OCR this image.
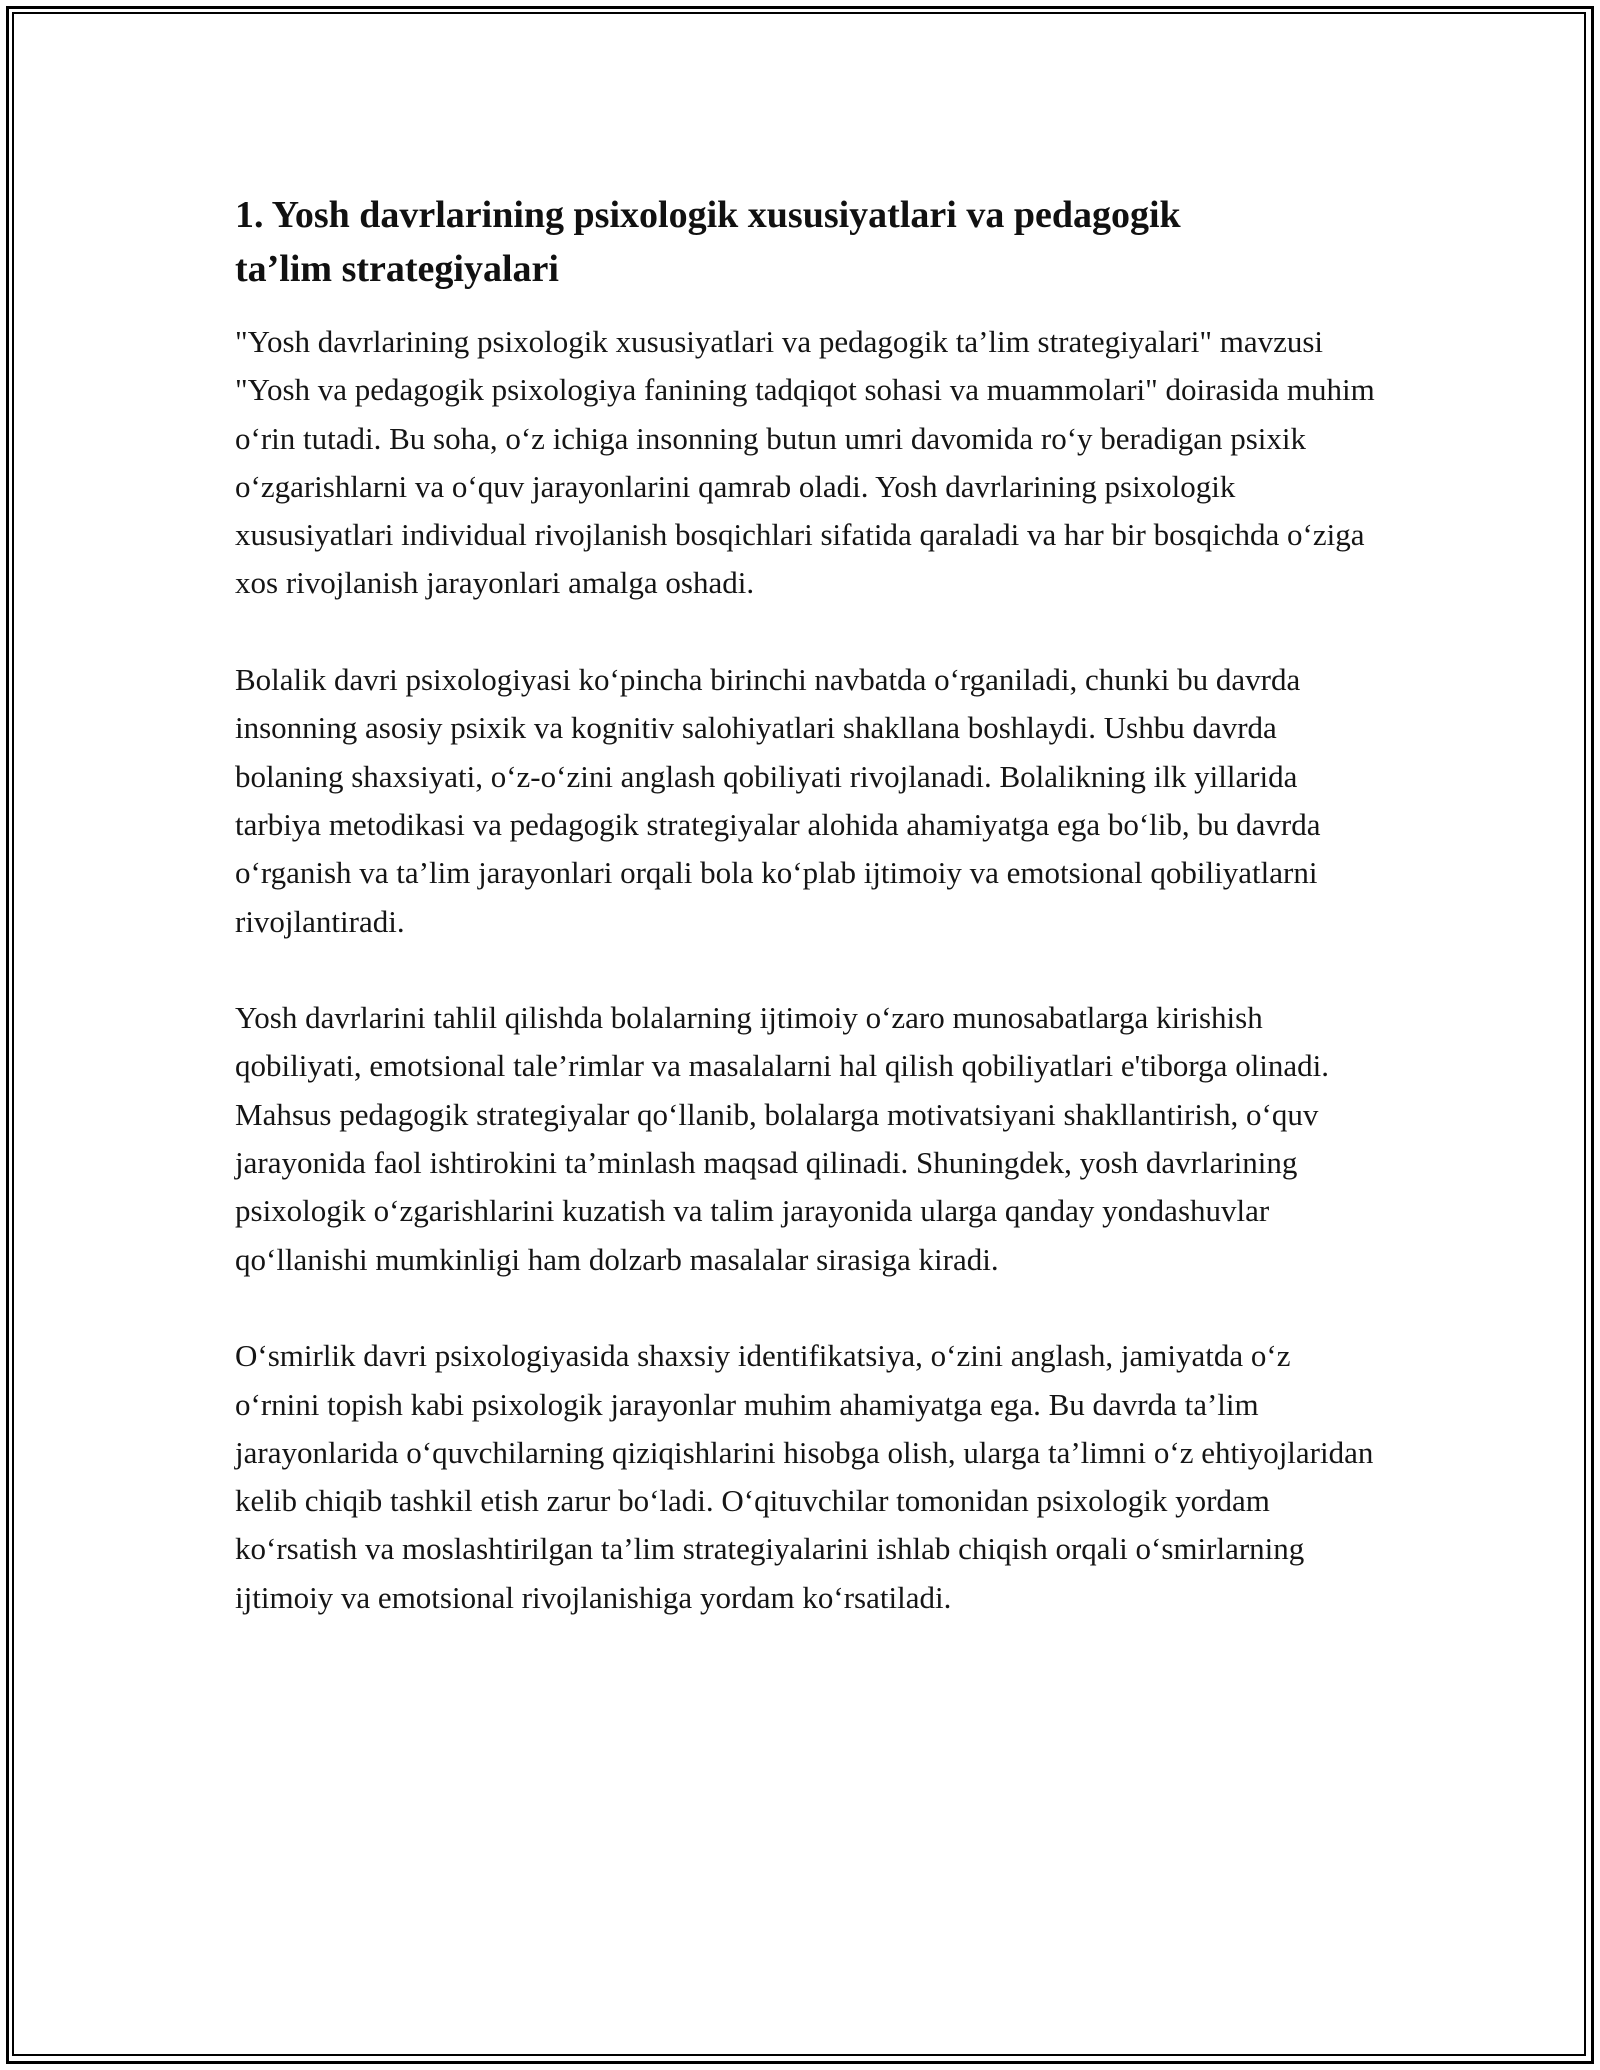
1. Yosh davrlarining psixologik xususiyatlari va pedagogik
ta’lim strategiyalari

"Yosh davrlarining psixologik xususiyatlari va pedagogik ta’lim strategiyalari" mavzusi "Yosh va pedagogik psixologiya fanining tadqiqot sohasi va muammolari" doirasida muhim o‘rin tutadi. Bu soha, o‘z ichiga insonning butun umri davomida ro‘y beradigan psixik o‘zgarishlarni va o‘quv jarayonlarini qamrab oladi. Yosh davrlarining psixologik xususiyatlari individual rivojlanish bosqichlari sifatida qaraladi va har bir bosqichda o‘ziga xos rivojlanish jarayonlari amalga oshadi.

Bolalik davri psixologiyasi ko‘pincha birinchi navbatda o‘rganiladi, chunki bu davrda insonning asosiy psixik va kognitiv salohiyatlari shakllana boshlaydi. Ushbu davrda bolaning shaxsiyati, o‘z-o‘zini anglash qobiliyati rivojlanadi. Bolalikning ilk yillarida tarbiya metodikasi va pedagogik strategiyalar alohida ahamiyatga ega bo‘lib, bu davrda o‘rganish va ta’lim jarayonlari orqali bola ko‘plab ijtimoiy va emotsional qobiliyatlarni rivojlantiradi.

Yosh davrlarini tahlil qilishda bolalarning ijtimoiy o‘zaro munosabatlarga kirishish qobiliyati, emotsional tale’rimlar va masalalarni hal qilish qobiliyatlari e'tiborga olinadi. Mahsus pedagogik strategiyalar qo‘llanib, bolalarga motivatsiyani shakllantirish, o‘quv jarayonida faol ishtirokini ta’minlash maqsad qilinadi. Shuningdek, yosh davrlarining psixologik o‘zgarishlarini kuzatish va talim jarayonida ularga qanday yondashuvlar qo‘llanishi mumkinligi ham dolzarb masalalar sirasiga kiradi.

O‘smirlik davri psixologiyasida shaxsiy identifikatsiya, o‘zini anglash, jamiyatda o‘z o‘rnini topish kabi psixologik jarayonlar muhim ahamiyatga ega. Bu davrda ta’lim jarayonlarida o‘quvchilarning qiziqishlarini hisobga olish, ularga ta’limni o‘z ehtiyojlaridan kelib chiqib tashkil etish zarur bo‘ladi. O‘qituvchilar tomonidan psixologik yordam ko‘rsatish va moslashtirilgan ta’lim strategiyalarini ishlab chiqish orqali o‘smirlarning ijtimoiy va emotsional rivojlanishiga yordam ko‘rsatiladi.
